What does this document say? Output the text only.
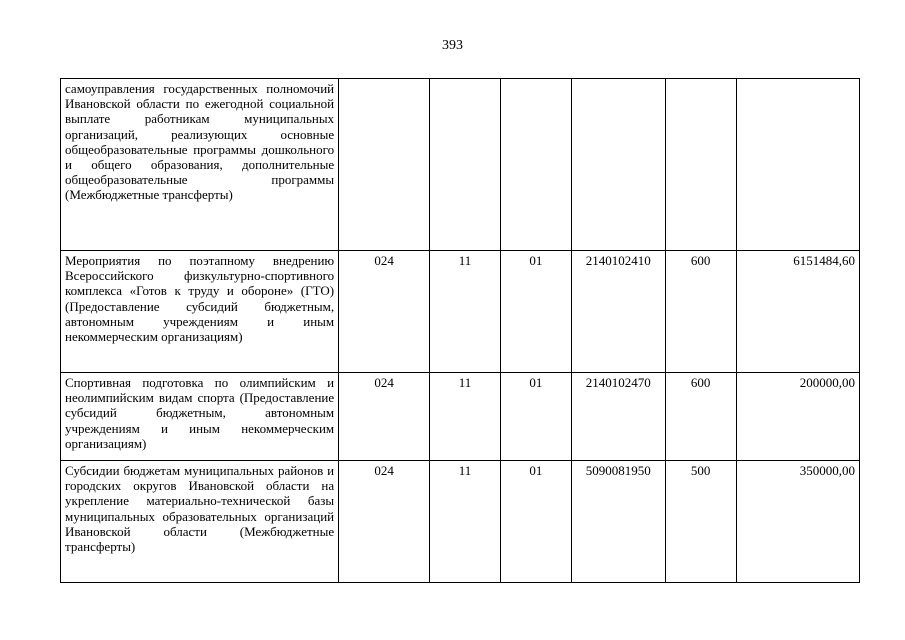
393
самоуправления государственных полномочий Ивановской области по ежегодной социальной выплате работникам муниципальных организаций, реализующих основные общеобразовательные программы дошкольного и общего образования, дополнительные общеобразовательные программы (Межбюджетные трансферты)						
Мероприятия по поэтапному внедрению Всероссийского физкультурно-спортивного комплекса «Готов к труду и обороне» (ГТО) (Предоставление субсидий бюджетным, автономным учреждениям и иным некоммерческим организациям)	024	11	01	2140102410	600	6151484,60
Спортивная подготовка по олимпийским и неолимпийским видам спорта (Предоставление субсидий бюджетным, автономным учреждениям и иным некоммерческим организациям)	024	11	01	2140102470	600	200000,00
Субсидии бюджетам муниципальных районов и городских округов Ивановской области на укрепление материально-технической базы муниципальных образовательных организаций Ивановской области (Межбюджетные трансферты)	024	11	01	5090081950	500	350000,00
